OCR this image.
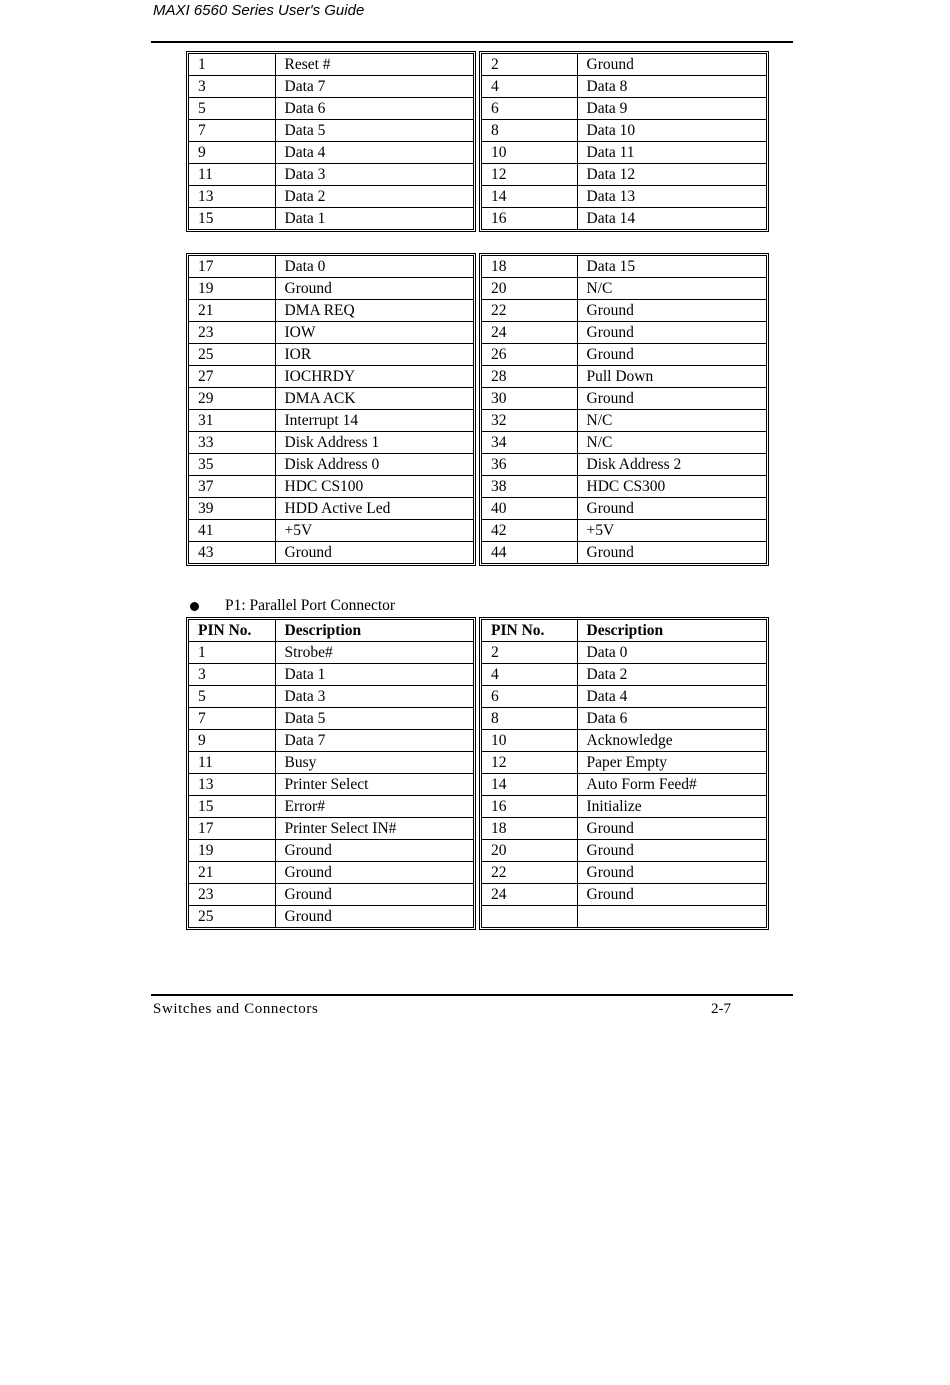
MAXI 6560 Series User's Guide
1	Reset #
3	Data 7
5	Data 6
7	Data 5
9	Data 4
11	Data 3
13	Data 2
15	Data 1
2	Ground
4	Data 8
6	Data 9
8	Data 10
10	Data 11
12	Data 12
14	Data 13
16	Data 14
17	Data 0
19	Ground
21	DMA REQ
23	IOW
25	IOR
27	IOCHRDY
29	DMA ACK
31	Interrupt 14
33	Disk Address 1
35	Disk Address 0
37	HDC CS100
39	HDD Active Led
41	+5V
43	Ground
18	Data 15
20	N/C
22	Ground
24	Ground
26	Ground
28	Pull Down
30	Ground
32	N/C
34	N/C
36	Disk Address 2
38	HDC CS300
40	Ground
42	+5V
44	Ground
P1: Parallel Port Connector
PIN No.	Description
1	Strobe#
3	Data 1
5	Data 3
7	Data 5
9	Data 7
11	Busy
13	Printer Select
15	Error#
17	Printer Select IN#
19	Ground
21	Ground
23	Ground
25	Ground
PIN No.	Description
2	Data 0
4	Data 2
6	Data 4
8	Data 6
10	Acknowledge
12	Paper Empty
14	Auto Form Feed#
16	Initialize
18	Ground
20	Ground
22	Ground
24	Ground

Switches and Connectors	2-7
